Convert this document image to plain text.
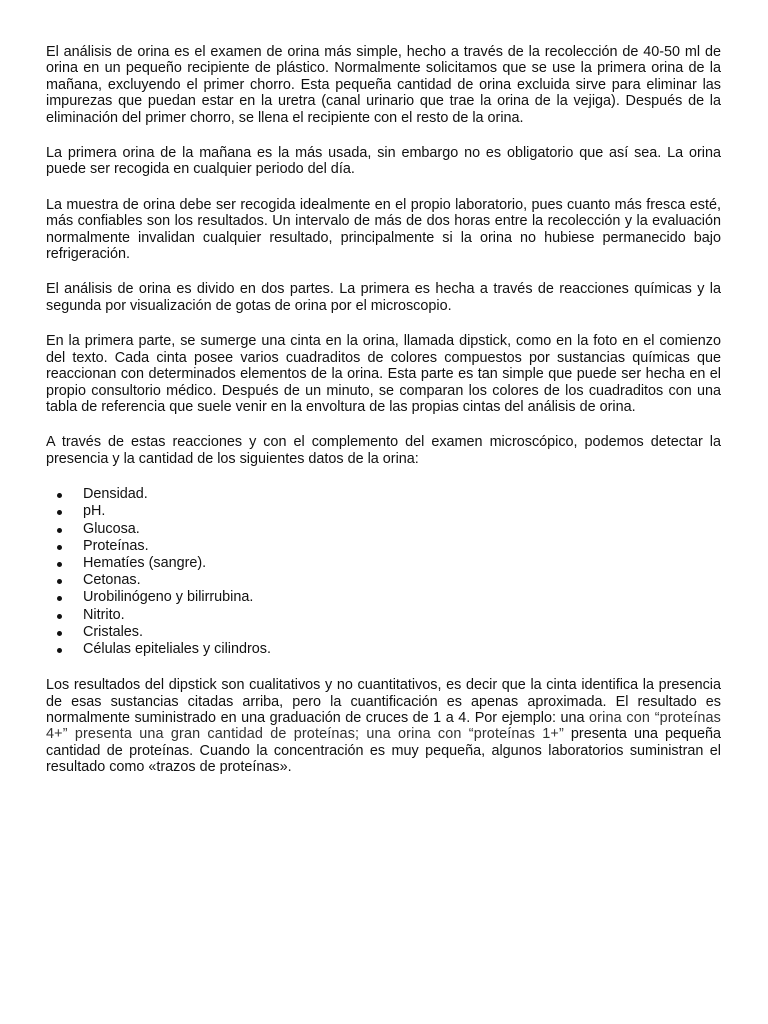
El análisis de orina es el examen de orina más simple, hecho a través de la recolección de 40-50 ml de orina en un pequeño recipiente de plástico. Normalmente solicitamos que se use la primera orina de la mañana, excluyendo el primer chorro. Esta pequeña cantidad de orina excluida sirve para eliminar las impurezas que puedan estar en la uretra (canal urinario que trae la orina de la vejiga). Después de la eliminación del primer chorro, se llena el recipiente con el resto de la orina.

La primera orina de la mañana es la más usada, sin embargo no es obligatorio que así sea. La orina puede ser recogida en cualquier periodo del día.

La muestra de orina debe ser recogida idealmente en el propio laboratorio, pues cuanto más fresca esté, más confiables son los resultados. Un intervalo de más de dos horas entre la recolección y la evaluación normalmente invalidan cualquier resultado, principalmente si la orina no hubiese permanecido bajo refrigeración.

El análisis de orina es divido en dos partes. La primera es hecha a través de reacciones químicas y la segunda por visualización de gotas de orina por el microscopio.

En la primera parte, se sumerge una cinta en la orina, llamada dipstick, como en la foto en el comienzo del texto. Cada cinta posee varios cuadraditos de colores compuestos por sustancias químicas que reaccionan con determinados elementos de la orina. Esta parte es tan simple que puede ser hecha en el propio consultorio médico. Después de un minuto, se comparan los colores de los cuadraditos con una tabla de referencia que suele venir en la envoltura de las propias cintas del análisis de orina.

A través de estas reacciones y con el complemento del examen microscópico, podemos detectar la presencia y la cantidad de los siguientes datos de la orina:

Densidad.
pH.
Glucosa.
Proteínas.
Hematíes (sangre).
Cetonas.
Urobilinógeno y bilirrubina.
Nitrito.
Cristales.
Células epiteliales y cilindros.

Los resultados del dipstick son cualitativos y no cuantitativos, es decir que la cinta identifica la presencia de esas sustancias citadas arriba, pero la cuantificación es apenas aproximada. El resultado es normalmente suministrado en una graduación de cruces de 1 a 4. Por ejemplo: una orina con “proteínas 4+” presenta una gran cantidad de proteínas; una orina con “proteínas 1+” presenta una pequeña cantidad de proteínas. Cuando la concentración es muy pequeña, algunos laboratorios suministran el resultado como «trazos de proteínas».
